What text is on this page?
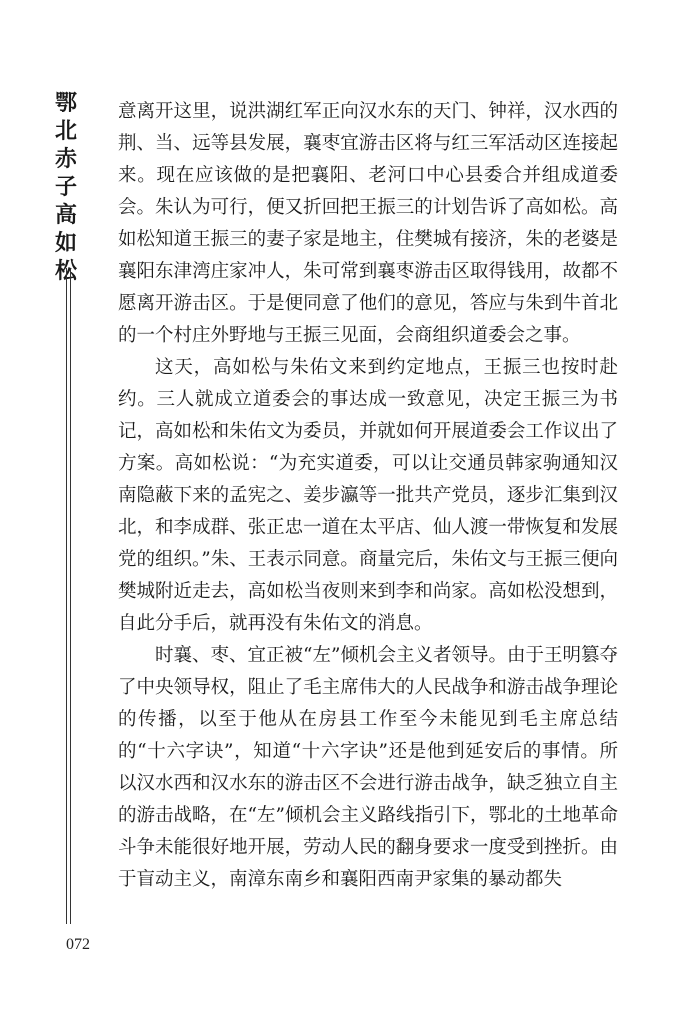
鄂
北
赤
子
高
如
松

意离开这里，说洪湖红军正向汉水东的天门、钟祥，汉水西的荆、当、远等县发展，襄枣宜游击区将与红三军活动区连接起来。现在应该做的是把襄阳、老河口中心县委合并组成道委会。朱认为可行，便又折回把王振三的计划告诉了高如松。高如松知道王振三的妻子家是地主，住樊城有接济，朱的老婆是襄阳东津湾庄家冲人，朱可常到襄枣游击区取得钱用，故都不愿离开游击区。于是便同意了他们的意见，答应与朱到牛首北的一个村庄外野地与王振三见面，会商组织道委会之事。

这天，高如松与朱佑文来到约定地点，王振三也按时赴约。三人就成立道委会的事达成一致意见，决定王振三为书记，高如松和朱佑文为委员，并就如何开展道委会工作议出了方案。高如松说：“为充实道委，可以让交通员韩家驹通知汉南隐蔽下来的孟宪之、姜步瀛等一批共产党员，逐步汇集到汉北，和李成群、张正忠一道在太平店、仙人渡一带恢复和发展党的组织。”朱、王表示同意。商量完后，朱佑文与王振三便向樊城附近走去，高如松当夜则来到李和尚家。高如松没想到，自此分手后，就再没有朱佑文的消息。

时襄、枣、宜正被“左”倾机会主义者领导。由于王明篡夺了中央领导权，阻止了毛主席伟大的人民战争和游击战争理论的传播，以至于他从在房县工作至今未能见到毛主席总结的“十六字诀”，知道“十六字诀”还是他到延安后的事情。所以汉水西和汉水东的游击区不会进行游击战争，缺乏独立自主的游击战略，在“左”倾机会主义路线指引下，鄂北的土地革命斗争未能很好地开展，劳动人民的翻身要求一度受到挫折。由于盲动主义，南漳东南乡和襄阳西南尹家集的暴动都失

072
